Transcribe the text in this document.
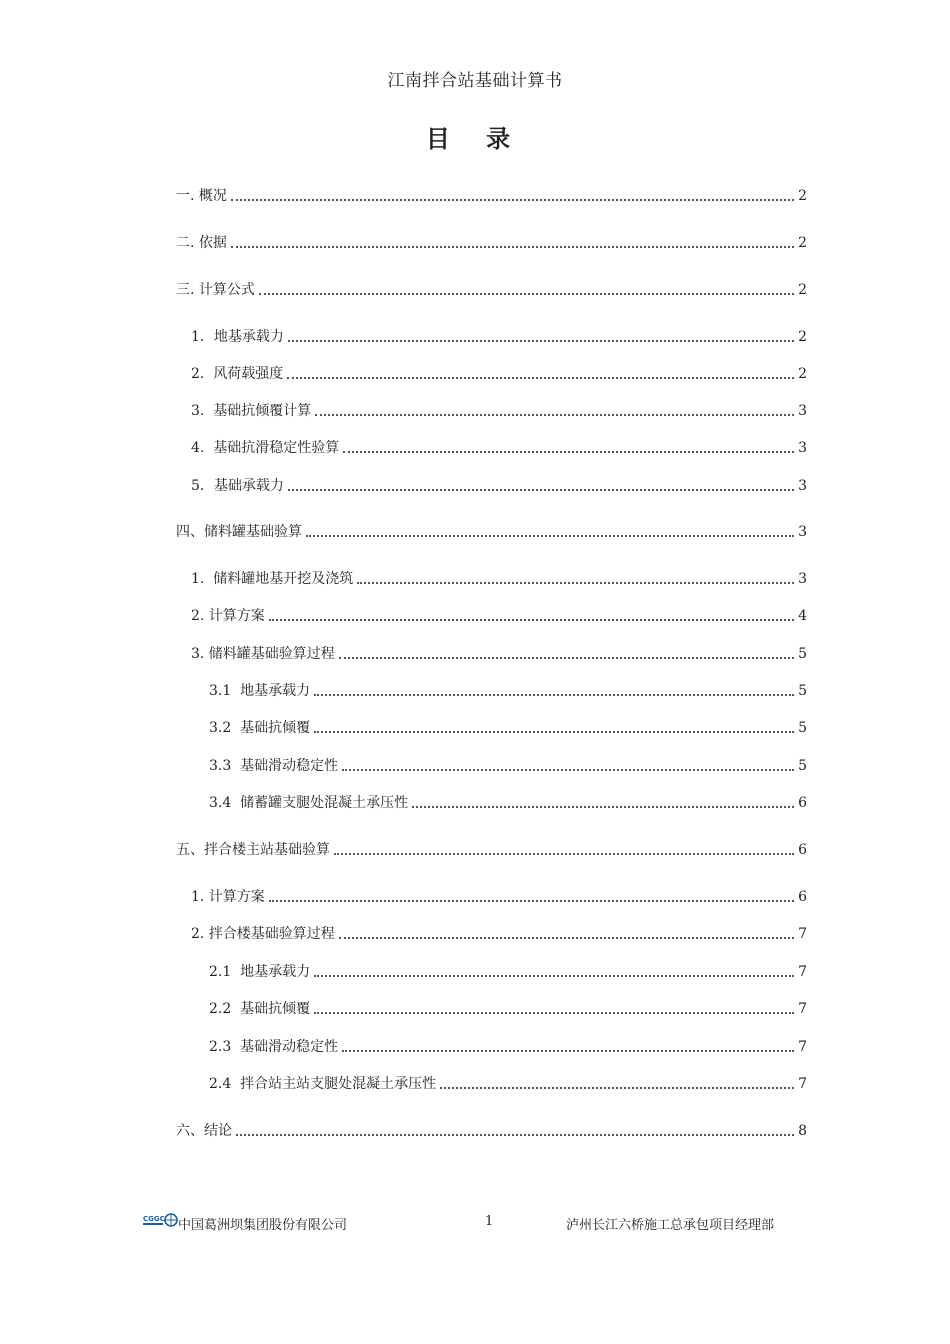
江南拌合站基础计算书
目 录
一. 概况	2
二. 依据	2
三. 计算公式	2
1．地基承载力	2
2.  风荷载强度	2
3.  基础抗倾覆计算	3
4.  基础抗滑稳定性验算	3
5．基础承载力	3
四、储料罐基础验算	3
1.  储料罐地基开挖及浇筑	3
2. 计算方案	4
3. 储料罐基础验算过程	5
3.1  地基承载力	5
3.2  基础抗倾覆	5
3.3  基础滑动稳定性	5
3.4  储蓄罐支腿处混凝土承压性	6
五、拌合楼主站基础验算	6
1. 计算方案	6
2. 拌合楼基础验算过程	7
2.1  地基承载力	7
2.2  基础抗倾覆	7
2.3  基础滑动稳定性	7
2.4  拌合站主站支腿处混凝土承压性	7
六、结论	8
CGGC 中国葛洲坝集团股份有限公司	1	泸州长江六桥施工总承包项目经理部
